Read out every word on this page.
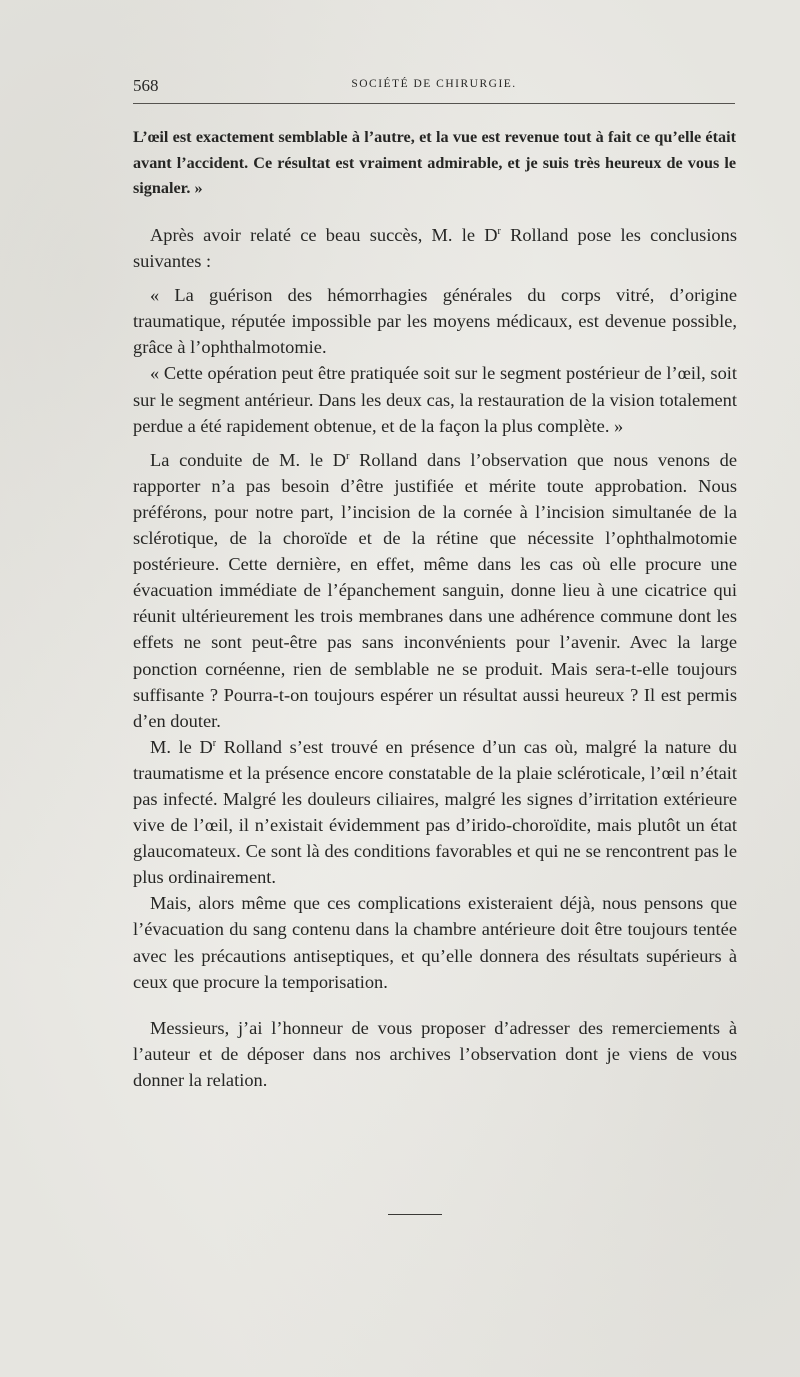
568	SOCIÉTÉ DE CHIRURGIE.
L’œil est exactement semblable à l’autre, et la vue est revenue tout à fait ce qu’elle était avant l’accident. Ce résultat est vraiment admirable, et je suis très heureux de vous le signaler. »

Après avoir relaté ce beau succès, M. le $D^r$ Rolland pose les conclusions suivantes :

« La guérison des hémorrhagies générales du corps vitré, d’origine traumatique, réputée impossible par les moyens médicaux, est devenue possible, grâce à l’ophthalmotomie.

« Cette opération peut être pratiquée soit sur le segment postérieur de l’œil, soit sur le segment antérieur. Dans les deux cas, la restauration de la vision totalement perdue a été rapidement obtenue, et de la façon la plus complète. »

La conduite de M. le $D^r$ Rolland dans l’observation que nous venons de rapporter n’a pas besoin d’être justifiée et mérite toute approbation. Nous préférons, pour notre part, l’incision de la cornée à l’incision simultanée de la sclérotique, de la choroïde et de la rétine que nécessite l’ophthalmotomie postérieure. Cette dernière, en effet, même dans les cas où elle procure une évacuation immédiate de l’épanchement sanguin, donne lieu à une cicatrice qui réunit ultérieurement les trois membranes dans une adhérence commune dont les effets ne sont peut-être pas sans inconvénients pour l’avenir. Avec la large ponction cornéenne, rien de semblable ne se produit. Mais sera-t-elle toujours suffisante ? Pourra-t-on toujours espérer un résultat aussi heureux ? Il est permis d’en douter.

M. le $D^r$ Rolland s’est trouvé en présence d’un cas où, malgré la nature du traumatisme et la présence encore constatable de la plaie scléroticale, l’œil n’était pas infecté. Malgré les douleurs ciliaires, malgré les signes d’irritation extérieure vive de l’œil, il n’existait évidemment pas d’irido-choroïdite, mais plutôt un état glaucomateux. Ce sont là des conditions favorables et qui ne se rencontrent pas le plus ordinairement.

Mais, alors même que ces complications existeraient déjà, nous pensons que l’évacuation du sang contenu dans la chambre antérieure doit être toujours tentée avec les précautions antiseptiques, et qu’elle donnera des résultats supérieurs à ceux que procure la temporisation.

Messieurs, j’ai l’honneur de vous proposer d’adresser des remerciements à l’auteur et de déposer dans nos archives l’observation dont je viens de vous donner la relation.
